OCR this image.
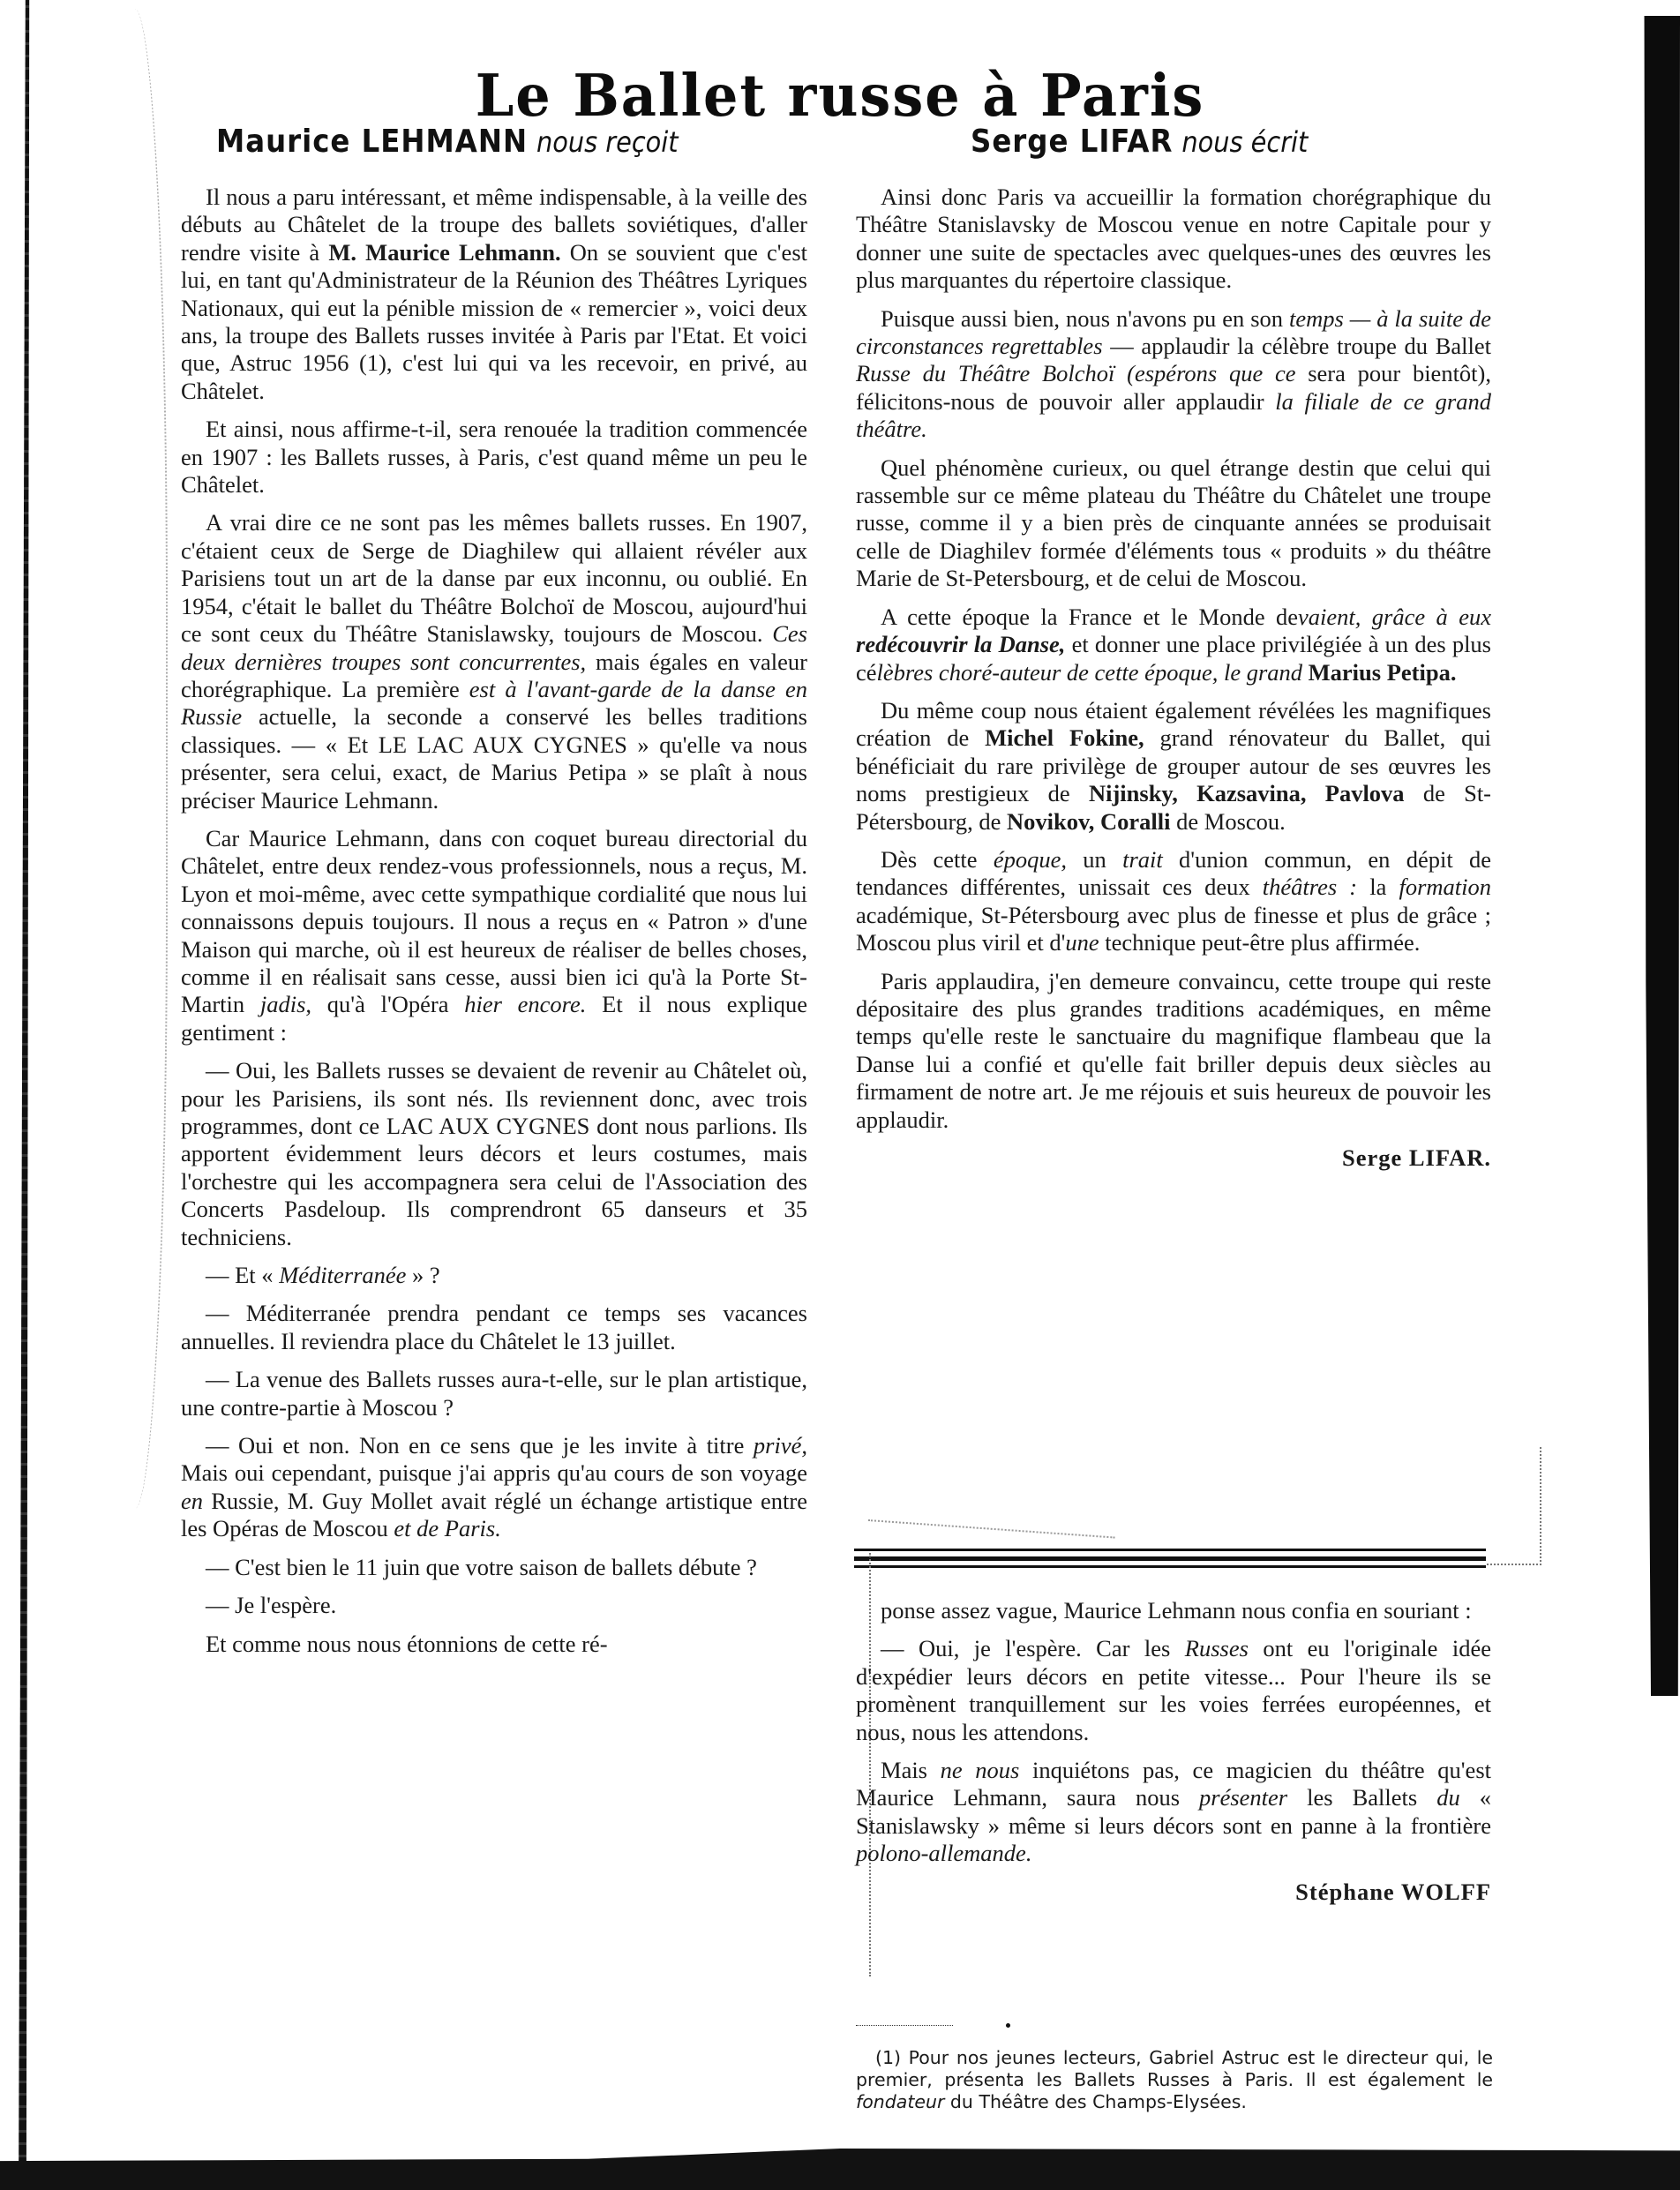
Le Ballet russe à Paris
Maurice LEHMANN nous reçoit	Serge LIFAR nous écrit

Il nous a paru intéressant, et même indispensable, à la veille des débuts au Châtelet de la troupe des ballets soviétiques, d'aller rendre visite à M. Maurice Lehmann. On se souvient que c'est lui, en tant qu'Administrateur de la Réunion des Théâtres Lyriques Nationaux, qui eut la pénible mission de « remercier », voici deux ans, la troupe des Ballets russes invitée à Paris par l'Etat. Et voici que, Astruc 1956 (1), c'est lui qui va les recevoir, en privé, au Châtelet.

Et ainsi, nous affirme-t-il, sera renouée la tradition commencée en 1907 : les Ballets russes, à Paris, c'est quand même un peu le Châtelet.

A vrai dire ce ne sont pas les mêmes ballets russes. En 1907, c'étaient ceux de Serge de Diaghilew qui allaient révéler aux Parisiens tout un art de la danse par eux inconnu, ou oublié. En 1954, c'était le ballet du Théâtre Bolchoï de Moscou, aujourd'hui ce sont ceux du Théâtre Stanislawsky, toujours de Moscou. Ces deux dernières troupes sont concurrentes, mais égales en valeur chorégraphique. La première est à l'avant-garde de la danse en Russie actuelle, la seconde a conservé les belles traditions classiques. — « Et LE LAC AUX CYGNES » qu'elle va nous présenter, sera celui, exact, de Marius Petipa » se plaît à nous préciser Maurice Lehmann.

Car Maurice Lehmann, dans con coquet bureau directorial du Châtelet, entre deux rendez-vous professionnels, nous a reçus, M. Lyon et moi-même, avec cette sympathique cordialité que nous lui connaissons depuis toujours. Il nous a reçus en « Patron » d'une Maison qui marche, où il est heureux de réaliser de belles choses, comme il en réalisait sans cesse, aussi bien ici qu'à la Porte St-Martin jadis, qu'à l'Opéra hier encore. Et il nous explique gentiment :

— Oui, les Ballets russes se devaient de revenir au Châtelet où, pour les Parisiens, ils sont nés. Ils reviennent donc, avec trois programmes, dont ce LAC AUX CYGNES dont nous parlions. Ils apportent évidemment leurs décors et leurs costumes, mais l'orchestre qui les accompagnera sera celui de l'Association des Concerts Pasdeloup. Ils comprendront 65 danseurs et 35 techniciens.

— Et « Méditerranée » ?

— Méditerranée prendra pendant ce temps ses vacances annuelles. Il reviendra place du Châtelet le 13 juillet.

— La venue des Ballets russes aura-t-elle, sur le plan artistique, une contre-partie à Moscou ?

— Oui et non. Non en ce sens que je les invite à titre privé, Mais oui cependant, puisque j'ai appris qu'au cours de son voyage en Russie, M. Guy Mollet avait réglé un échange artistique entre les Opéras de Moscou et de Paris.

— C'est bien le 11 juin que votre saison de ballets débute ?

— Je l'espère.

Et comme nous nous étonnions de cette ré-

Ainsi donc Paris va accueillir la formation chorégraphique du Théâtre Stanislavsky de Moscou venue en notre Capitale pour y donner une suite de spectacles avec quelques-unes des œuvres les plus marquantes du répertoire classique.

Puisque aussi bien, nous n'avons pu en son temps — à la suite de circonstances regrettables — applaudir la célèbre troupe du Ballet Russe du Théâtre Bolchoï (espérons que ce sera pour bientôt), félicitons-nous de pouvoir aller applaudir la filiale de ce grand théâtre.

Quel phénomène curieux, ou quel étrange destin que celui qui rassemble sur ce même plateau du Théâtre du Châtelet une troupe russe, comme il y a bien près de cinquante années se produisait celle de Diaghilev formée d'éléments tous « produits » du théâtre Marie de St-Petersbourg, et de celui de Moscou.

A cette époque la France et le Monde devaient, grâce à eux redécouvrir la Danse, et donner une place privilégiée à un des plus célèbres choré-auteur de cette époque, le grand Marius Petipa.

Du même coup nous étaient également révélées les magnifiques création de Michel Fokine, grand rénovateur du Ballet, qui bénéficiait du rare privilège de grouper autour de ses œuvres les noms prestigieux de Nijinsky, Kazsavina, Pavlova de St-Pétersbourg, de Novikov, Coralli de Moscou.

Dès cette époque, un trait d'union commun, en dépit de tendances différentes, unissait ces deux théâtres : la formation académique, St-Pétersbourg avec plus de finesse et plus de grâce ; Moscou plus viril et d'une technique peut-être plus affirmée.

Paris applaudira, j'en demeure convaincu, cette troupe qui reste dépositaire des plus grandes traditions académiques, en même temps qu'elle reste le sanctuaire du magnifique flambeau que la Danse lui a confié et qu'elle fait briller depuis deux siècles au firmament de notre art. Je me réjouis et suis heureux de pouvoir les applaudir.

Serge LIFAR.

ponse assez vague, Maurice Lehmann nous confia en souriant :

— Oui, je l'espère. Car les Russes ont eu l'originale idée d'expédier leurs décors en petite vitesse... Pour l'heure ils se promènent tranquillement sur les voies ferrées européennes, et nous, nous les attendons.

Mais ne nous inquiétons pas, ce magicien du théâtre qu'est Maurice Lehmann, saura nous présenter les Ballets du « Stanislawsky » même si leurs décors sont en panne à la frontière polono-allemande.

Stéphane WOLFF

(1) Pour nos jeunes lecteurs, Gabriel Astruc est le directeur qui, le premier, présenta les Ballets Russes à Paris. Il est également le fondateur du Théâtre des Champs-Elysées.
